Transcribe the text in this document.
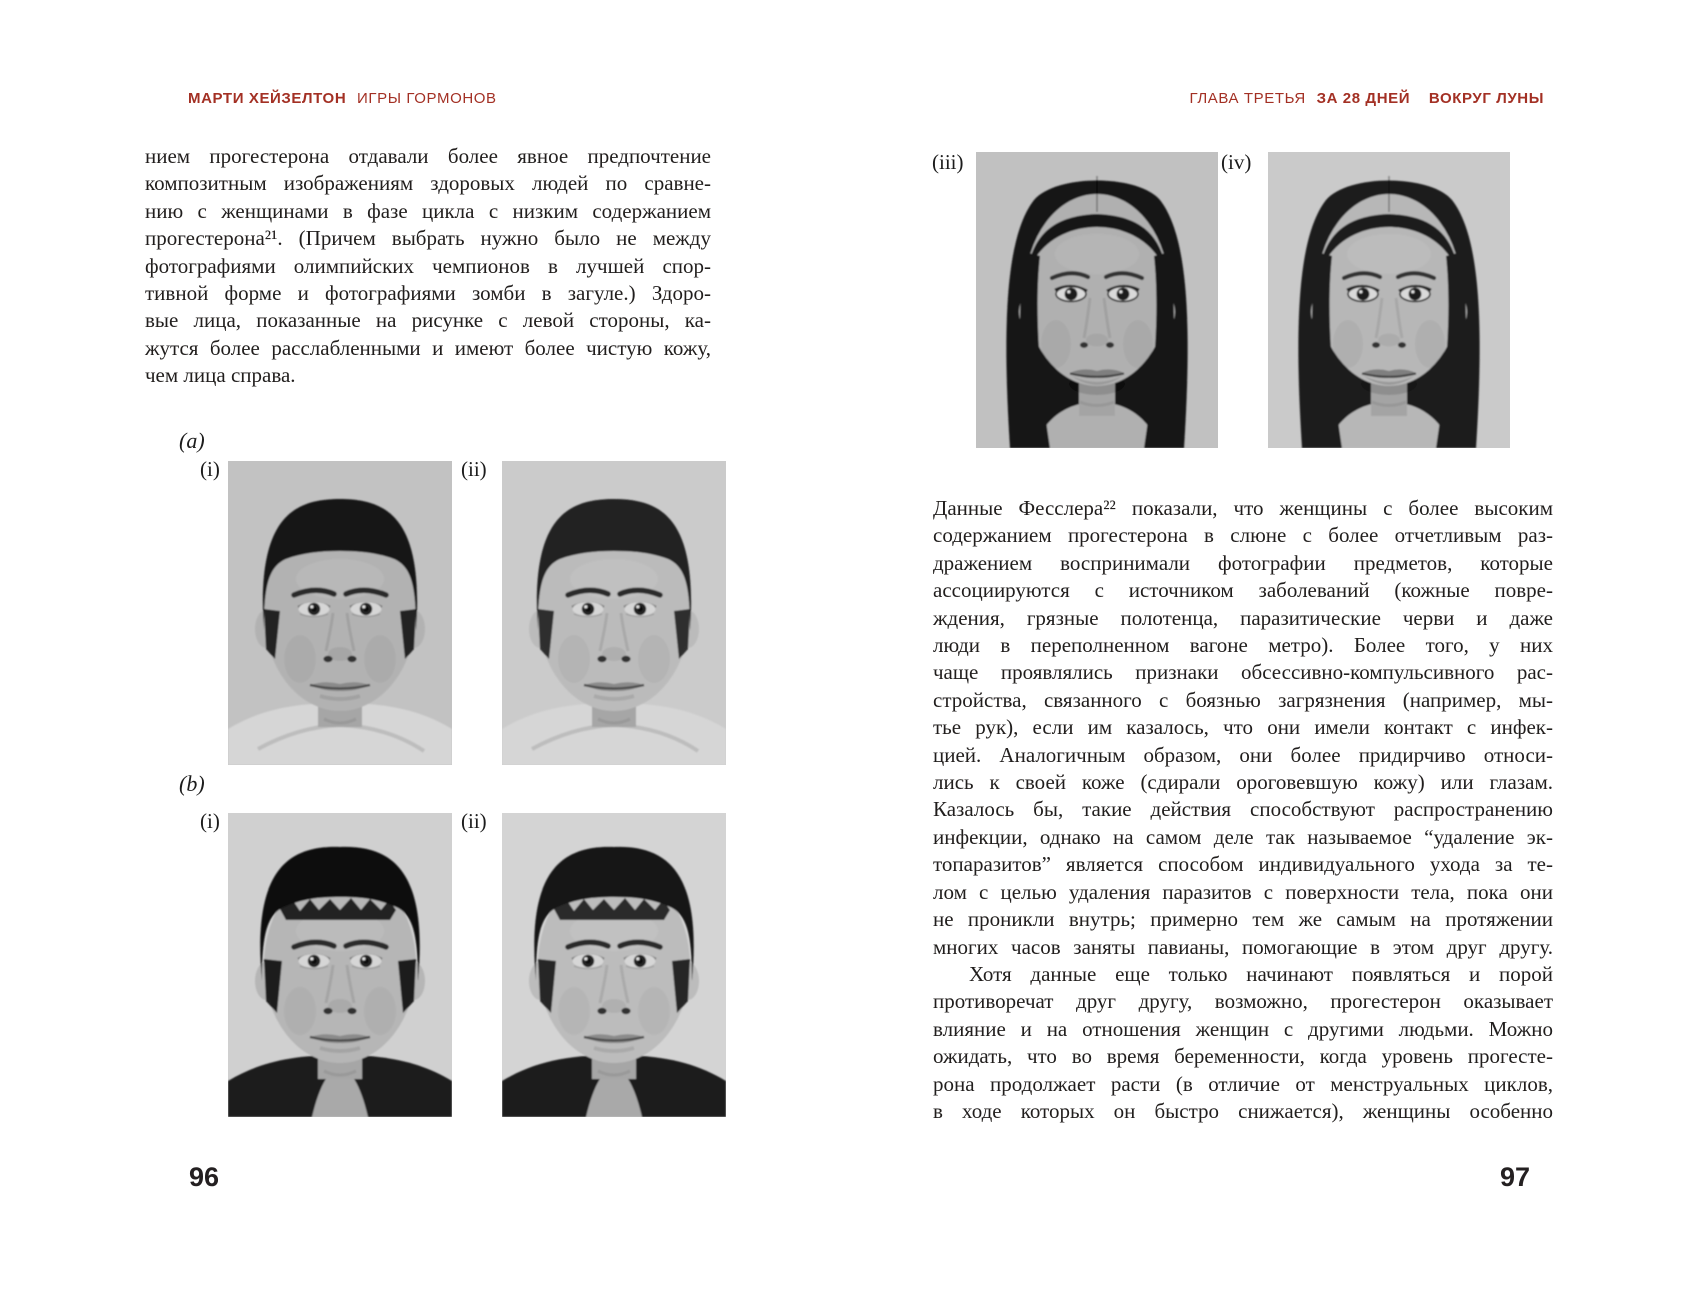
МАРТИ ХЕЙЗЕЛТОН ИГРЫ ГОРМОНОВ	ГЛАВА ТРЕТЬЯ ЗА 28 ДНЕЙ ВОКРУГ ЛУНЫ
нием прогестерона отдавали более явное предпочтение
композитным изображениям здоровых людей по сравне-
нию с женщинами в фазе цикла с низким содержанием
прогестерона²¹. (Причем выбрать нужно было не между
фотографиями олимпийских чемпионов в лучшей спор-
тивной форме и фотографиями зомби в загуле.) Здоро-
вые лица, показанные на рисунке с левой стороны, ка-
жутся более расслабленными и имеют более чистую кожу,
чем лица справа.
(a)
(i)	(ii)
(b)
(i)	(ii)
(iii)	(iv)
Данные Фесслера²² показали, что женщины с более высоким
содержанием прогестерона в слюне с более отчетливым раз-
дражением воспринимали фотографии предметов, которые
ассоциируются с источником заболеваний (кожные повре-
ждения, грязные полотенца, паразитические черви и даже
люди в переполненном вагоне метро). Более того, у них
чаще проявлялись признаки обсессивно-компульсивного рас-
стройства, связанного с боязнью загрязнения (например, мы-
тье рук), если им казалось, что они имели контакт с инфек-
цией. Аналогичным образом, они более придирчиво относи-
лись к своей коже (сдирали ороговевшую кожу) или глазам.
Казалось бы, такие действия способствуют распространению
инфекции, однако на самом деле так называемое “удаление эк-
топаразитов” является способом индивидуального ухода за те-
лом с целью удаления паразитов с поверхности тела, пока они
не проникли внутрь; примерно тем же самым на протяжении
многих часов заняты павианы, помогающие в этом друг другу.
Хотя данные еще только начинают появляться и порой
противоречат друг другу, возможно, прогестерон оказывает
влияние и на отношения женщин с другими людьми. Можно
ожидать, что во время беременности, когда уровень прогесте-
рона продолжает расти (в отличие от менструальных циклов,
в ходе которых он быстро снижается), женщины особенно
96	97
